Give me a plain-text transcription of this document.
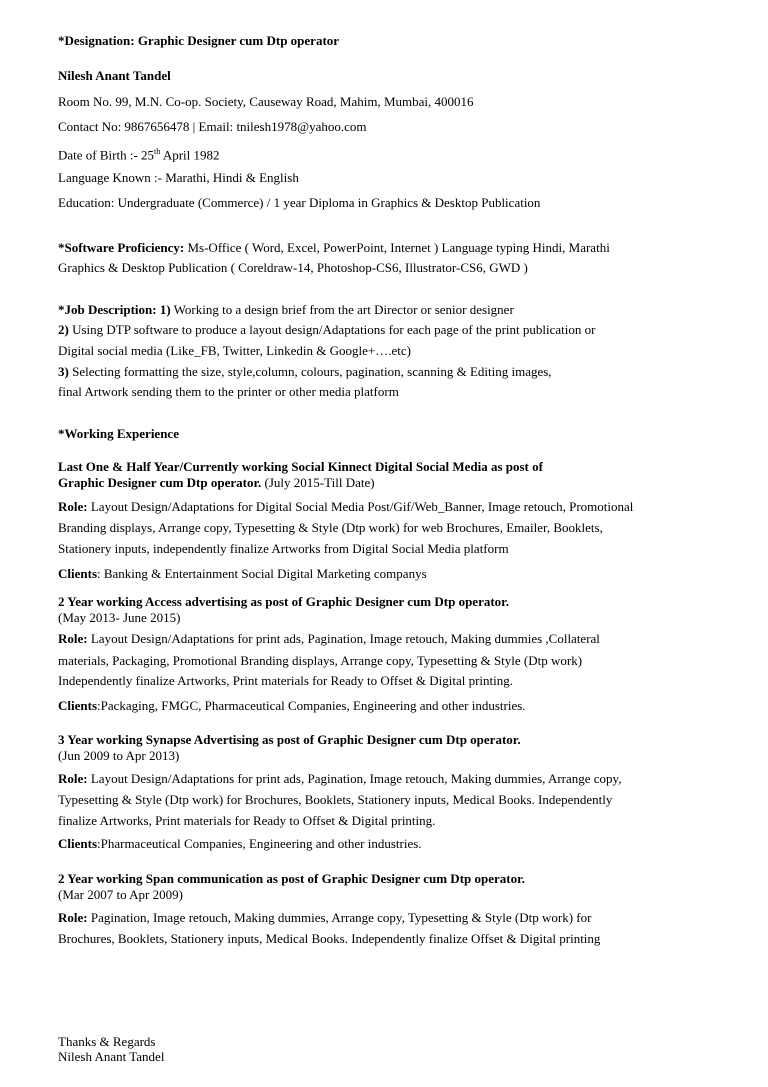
*Designation: Graphic Designer cum Dtp operator
Nilesh Anant Tandel
Room No. 99, M.N. Co-op. Society, Causeway Road, Mahim, Mumbai, 400016
Contact No: 9867656478 | Email: tnilesh1978@yahoo.com
Date of Birth :- 25th April 1982
Language Known :- Marathi, Hindi & English
Education: Undergraduate (Commerce) / 1 year Diploma in Graphics & Desktop Publication
*Software Proficiency: Ms-Office ( Word, Excel, PowerPoint, Internet ) Language typing Hindi, Marathi
Graphics & Desktop Publication ( Coreldraw-14, Photoshop-CS6, Illustrator-CS6, GWD )
*Job Description: 1) Working to a design brief from the art Director or senior designer
2) Using DTP software to produce a layout design/Adaptations for each page of the print publication or
Digital social media (Like_FB, Twitter, Linkedin & Google+….etc)
3) Selecting formatting the size, style,column, colours, pagination, scanning & Editing images,
final Artwork sending them to the printer or other media platform
*Working Experience
Last One & Half Year/Currently working Social Kinnect Digital Social Media as post of
Graphic Designer cum Dtp operator. (July 2015-Till Date)
Role: Layout Design/Adaptations for Digital Social Media Post/Gif/Web_Banner, Image retouch, Promotional
Branding displays, Arrange copy, Typesetting & Style (Dtp work) for web Brochures, Emailer, Booklets,
Stationery inputs, independently finalize Artworks from Digital Social Media platform
Clients: Banking & Entertainment Social Digital Marketing companys
2 Year working Access advertising as post of Graphic Designer cum Dtp operator.
(May 2013- June 2015)
Role: Layout Design/Adaptations for print ads, Pagination, Image retouch, Making dummies ,Collateral
materials, Packaging, Promotional Branding displays, Arrange copy, Typesetting & Style (Dtp work)
Independently finalize Artworks, Print materials for Ready to Offset & Digital printing.
Clients:Packaging, FMGC, Pharmaceutical Companies, Engineering and other industries.
3 Year working Synapse Advertising as post of Graphic Designer cum Dtp operator.
(Jun 2009 to Apr 2013)
Role: Layout Design/Adaptations for print ads, Pagination, Image retouch, Making dummies, Arrange copy,
Typesetting & Style (Dtp work) for Brochures, Booklets, Stationery inputs, Medical Books. Independently
finalize Artworks, Print materials for Ready to Offset & Digital printing.
Clients:Pharmaceutical Companies, Engineering and other industries.
2 Year working Span communication as post of Graphic Designer cum Dtp operator.
(Mar 2007 to Apr 2009)
Role: Pagination, Image retouch, Making dummies, Arrange copy, Typesetting & Style (Dtp work) for
Brochures, Booklets, Stationery inputs, Medical Books. Independently finalize Offset & Digital printing
Thanks & Regards
Nilesh Anant Tandel
